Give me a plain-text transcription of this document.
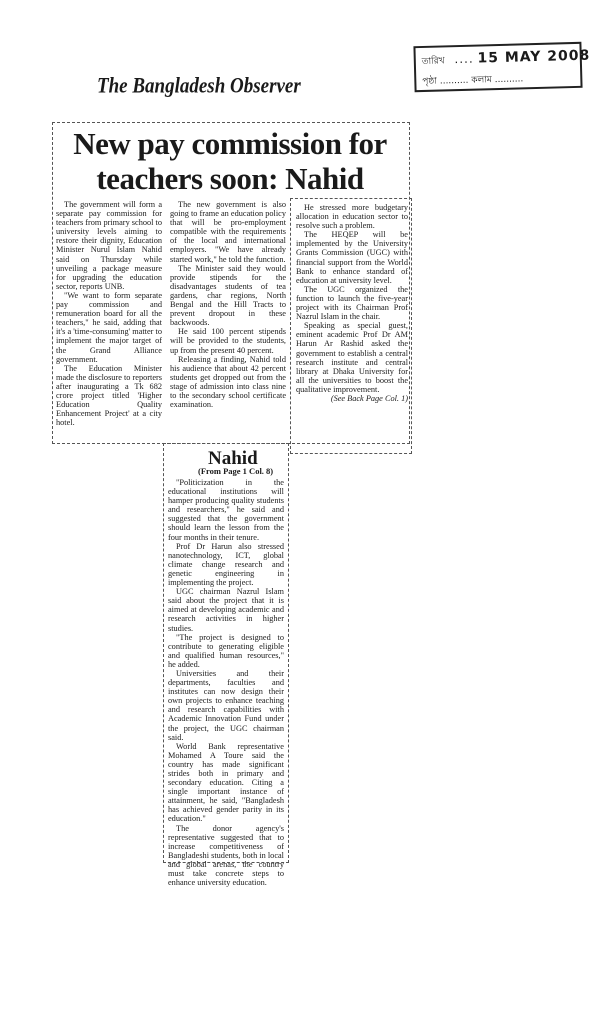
তারিখ .... 15 MAY 2008
পৃষ্ঠা .......... কলাম ..........
The Bangladesh Observer
New pay commission for
teachers soon: Nahid

The government will form a separate pay commission for teachers from primary school to university levels aiming to restore their dignity, Education Minister Nurul Islam Nahid said on Thursday while unveiling a package measure for upgrading the education sector, reports UNB.

"We want to form separate pay commission and remuneration board for all the teachers," he said, adding that it's a 'time-consuming' matter to implement the major target of the Grand Alliance government.

The Education Minister made the disclosure to reporters after inaugurating a Tk 682 crore project titled 'Higher Education Quality Enhancement Project' at a city hotel.

The new government is also going to frame an education policy that will be pro-employment compatible with the requirements of the local and international employers. "We have already started work," he told the function.

The Minister said they would provide stipends for the disadvantages students of tea gardens, char regions, North Bengal and the Hill Tracts to prevent dropout in these backwoods.

He said 100 percent stipends will be provided to the students, up from the present 40 percent.

Releasing a finding, Nahid told his audience that about 42 percent students get dropped out from the stage of admission into class nine to the secondary school certificate examination.

He stressed more budgetary allocation in education sector to resolve such a problem.

The HEQEP will be implemented by the University Grants Commission (UGC) with financial support from the World Bank to enhance standard of education at university level.

The UGC organized the function to launch the five-year project with its Chairman Prof Nazrul Islam in the chair.

Speaking as special guest, eminent academic Prof Dr AM Harun Ar Rashid asked the government to establish a central research institute and central library at Dhaka University for all the universities to boost the qualitative improvement.

(See Back Page Col. 1)
Nahid
(From Page 1 Col. 8)

"Politicization in the educational institutions will hamper producing quality students and researchers," he said and suggested that the government should learn the lesson from the four months in their tenure.

Prof Dr Harun also stressed nanotechnology, ICT, global climate change research and genetic engineering in implementing the project.

UGC chairman Nazrul Islam said about the project that it is aimed at developing academic and research activities in higher studies.

"The project is designed to contribute to generating eligible and qualified human resources," he added.

Universities and their departments, faculties and institutes can now design their own projects to enhance teaching and research capabilities with Academic Innovation Fund under the project, the UGC chairman said.

World Bank representative Mohamed A Toure said the country has made significant strides both in primary and secondary education. Citing a single important instance of attainment, he said, "Bangladesh has achieved gender parity in its education."

The donor agency's representative suggested that to increase competitiveness of Bangladeshi students, both in local and global arenas, the country must take concrete steps to enhance university education.
